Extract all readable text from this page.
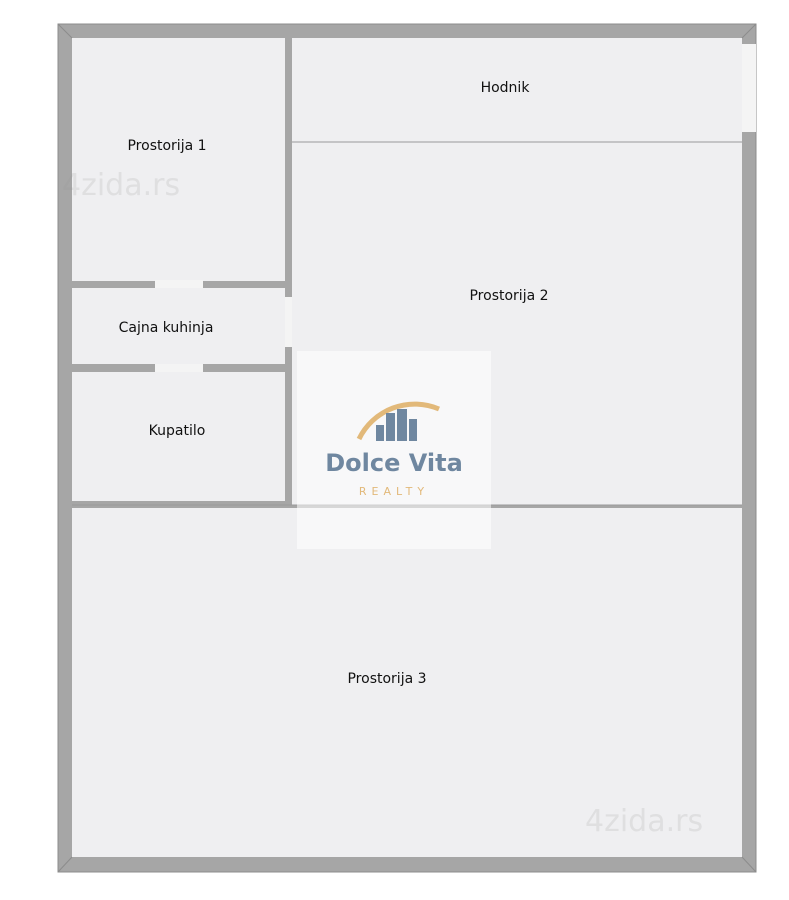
4zida.rs
4zida.rs
Hodnik
Prostorija 1
Prostorija 2
Cajna kuhinja
Kupatilo
Prostorija 3
Dolce Vita
REALTY
